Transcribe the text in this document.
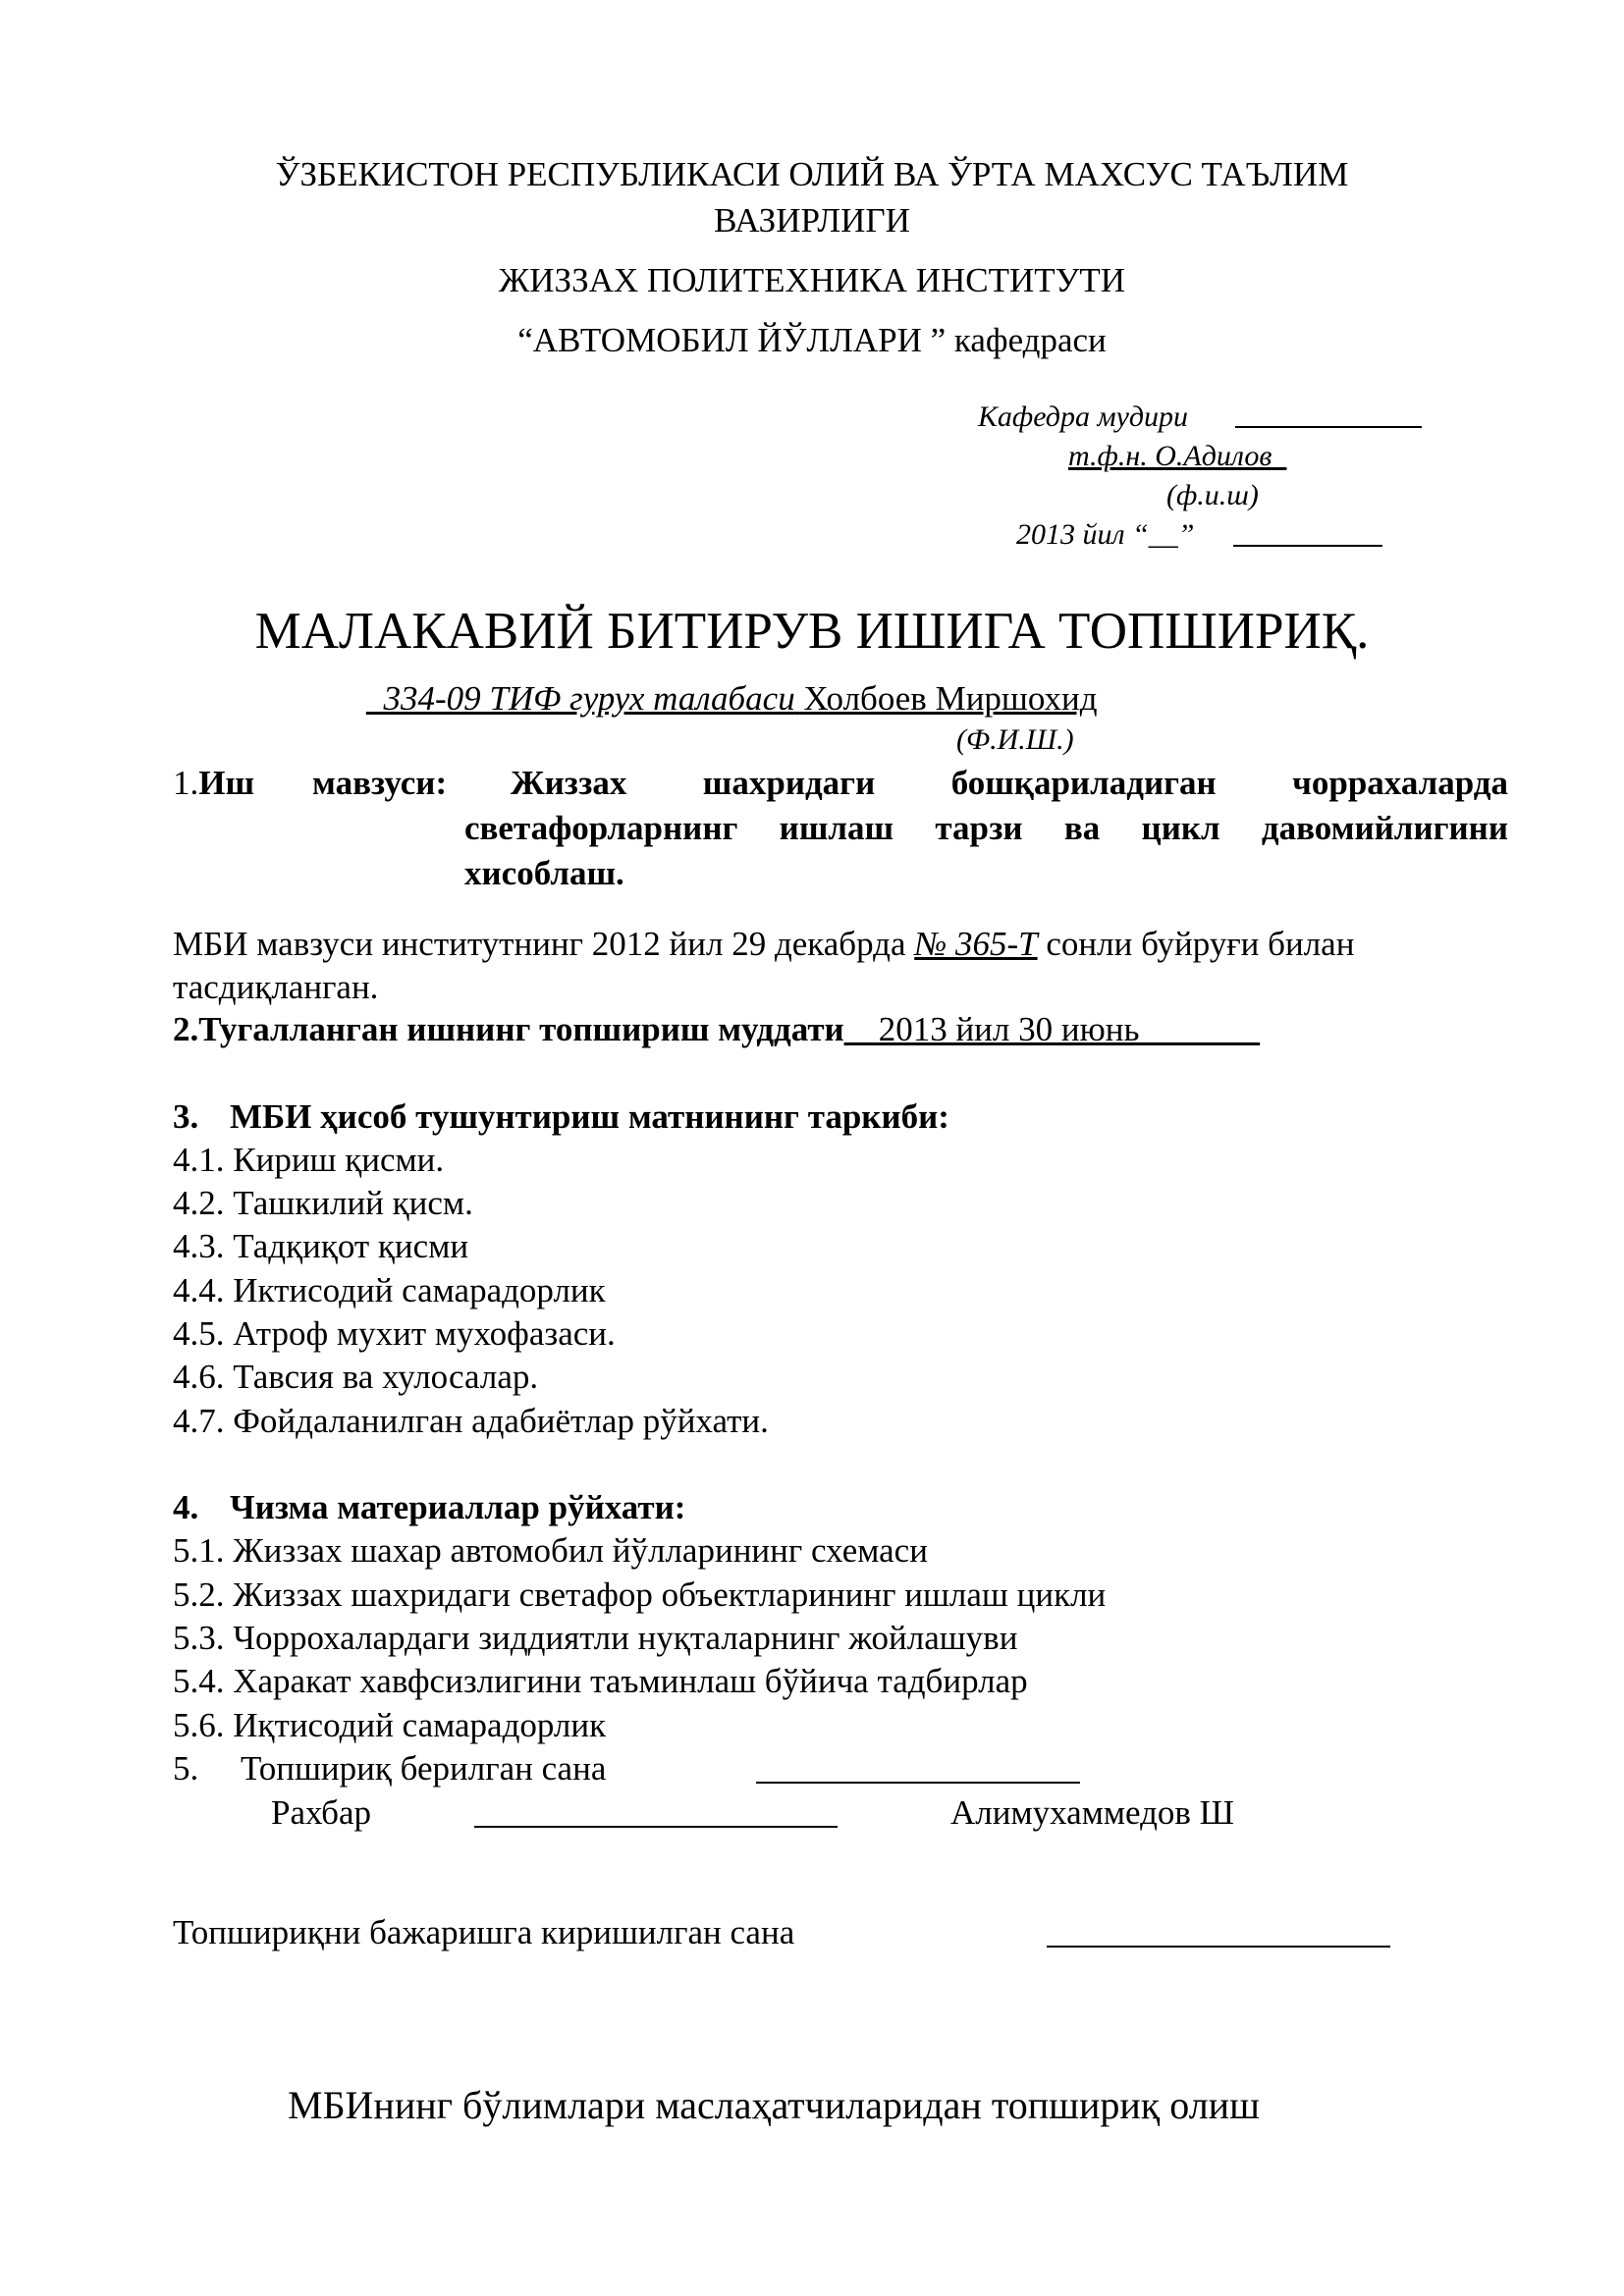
ЎЗБЕКИСТОН РЕСПУБЛИКАСИ ОЛИЙ ВА ЎРТА МАХСУС ТАЪЛИМ
ВАЗИРЛИГИ
ЖИЗЗАХ ПОЛИТЕХНИКА ИНСТИТУТИ
“АВТОМОБИЛ ЙЎЛЛАРИ ” кафедраси
Кафедра мудири
т.ф.н. О.Адилов_
(ф.и.ш)
2013 йил “__”
МАЛАКАВИЙ БИТИРУВ ИШИГА ТОПШИРИҚ.
_334-09 ТИФ гурух талабаси Холбоев Миршохид
(Ф.И.Ш.)
1.Иш мавзуси: Жиззах шахридаги бошқариладиган чоррахаларда
светафорларнинг ишлаш тарзи ва цикл давомийлигини
хисоблаш.
МБИ мавзуси институтнинг 2012 йил 29 декабрда № 365-Т сонли буйруғи билан
тасдиқланган.
2.Тугалланган ишнинг топшириш муддати__2013 йил 30 июнь_______
3. МБИ ҳисоб тушунтириш матнининг таркиби:
4.1. Кириш қисми.
4.2. Ташкилий қисм.
4.3. Тадқиқот қисми
4.4. Иктисодий самарадорлик
4.5. Атроф мухит мухофазаси.
4.6. Тавсия ва хулосалар.
4.7. Фойдаланилган адабиётлар рўйхати.
4. Чизма материаллар рўйхати:
5.1. Жиззах шахар автомобил йўлларининг схемаси
5.2. Жиззах шахридаги светафор объектларининг ишлаш цикли
5.3. Чоррохалардаги зиддиятли нуқталарнинг жойлашуви
5.4. Харакат хавфсизлигини таъминлаш бўйича тадбирлар
5.6. Иқтисодий самарадорлик
5. Топшириқ берилган сана
Рахбар	Алимухаммедов Ш
Топшириқни бажаришга киришилган сана
МБИнинг бўлимлари маслаҳатчиларидан топшириқ олиш
